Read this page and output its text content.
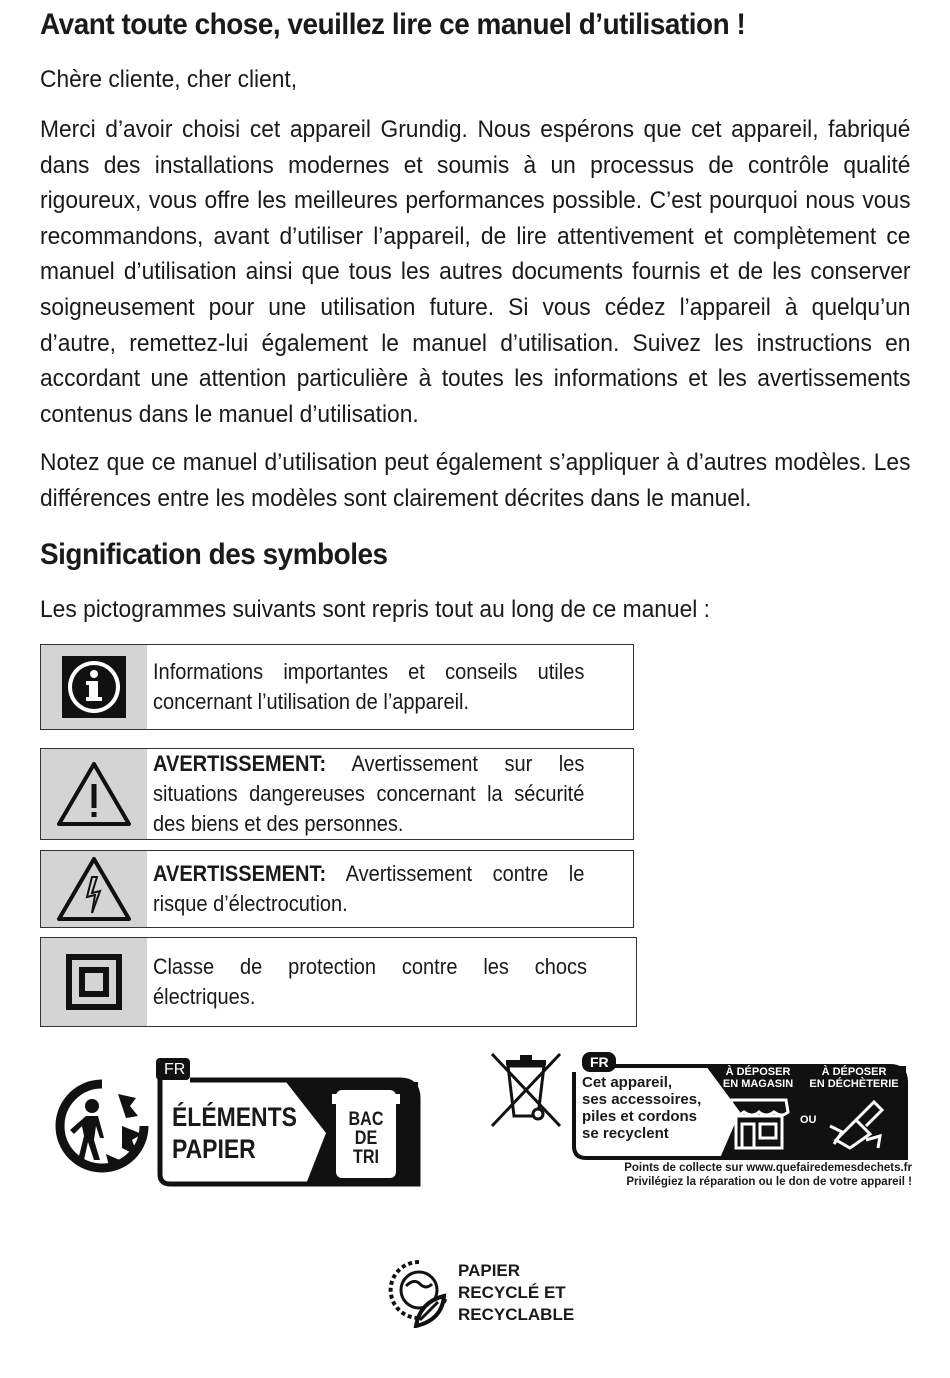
Avant toute chose, veuillez lire ce manuel d’utilisation !

Chère cliente, cher client,

Merci d’avoir choisi cet appareil Grundig. Nous espérons que cet appareil, fabriqué dans des installations modernes et soumis à un processus de contrôle qualité rigoureux, vous offre les meilleures performances possible. C’est pourquoi nous vous recommandons, avant d’utiliser l’appareil, de lire attentivement et complètement ce manuel d’utilisation ainsi que tous les autres documents fournis et de les conserver soigneusement pour une utilisation future. Si vous cédez l’appareil à quelqu’un d’autre, remettez-lui également le manuel d’utilisation. Suivez les instructions en accordant une attention particulière à toutes les informations et les avertissements contenus dans le manuel d’utilisation.

Notez que ce manuel d’utilisation peut également s’appliquer à d’autres modèles. Les différences entre les modèles sont clairement décrites dans le manuel.

Signification des symboles

Les pictogrammes suivants sont repris tout au long de ce manuel :

Informations importantes et conseils utiles concernant l’utilisation de l’appareil.
AVERTISSEMENT: Avertissement sur les situations dangereuses concernant la sécurité des biens et des personnes.
AVERTISSEMENT: Avertissement contre le risque d’électrocution.
Classe de protection contre les chocs électriques.
FR
ÉLÉMENTS
PAPIER
BAC
DE
TRI
FR
Cet appareil,
ses accessoires,
piles et cordons
se recyclent
À DÉPOSER
EN MAGASIN
À DÉPOSER
EN DÉCHÈTERIE
OU
Points de collecte sur www.quefairedemesdechets.fr
Privilégiez la réparation ou le don de votre appareil !
PAPIER
RECYCLÉ ET
RECYCLABLE
